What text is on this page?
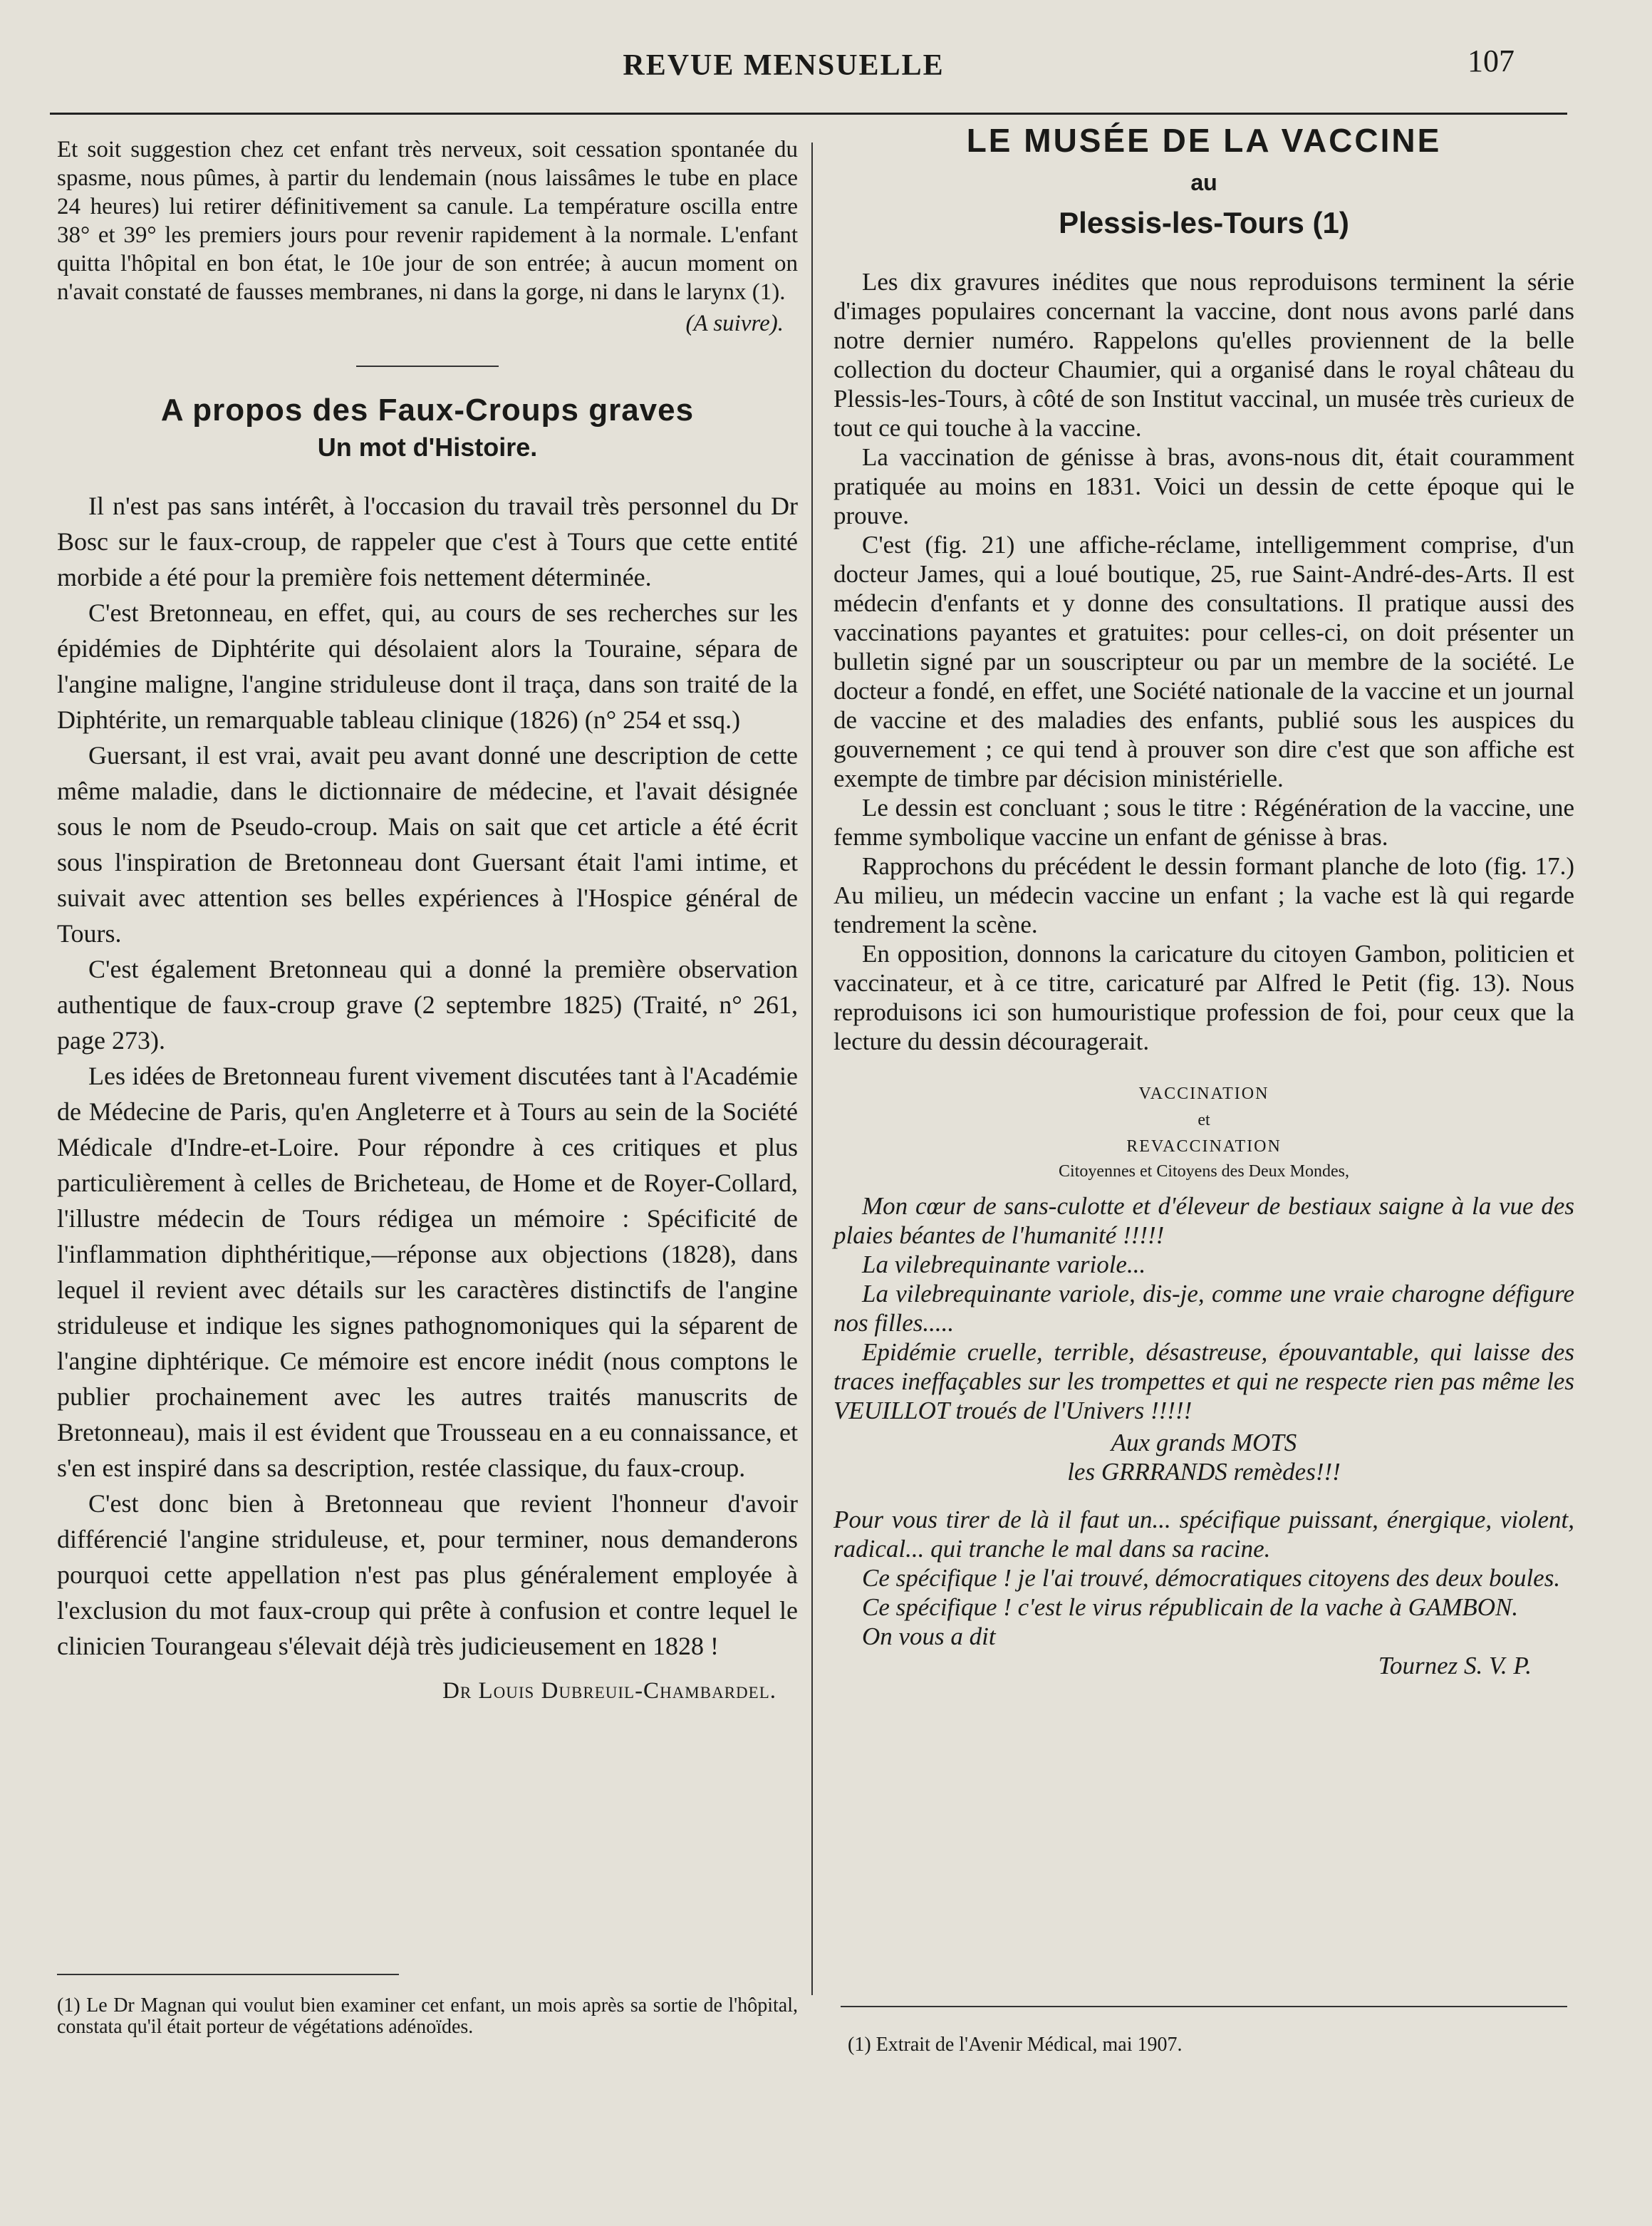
REVUE MENSUELLE	107

Et soit suggestion chez cet enfant très nerveux, soit cessation spontanée du spasme, nous pûmes, à partir du lendemain (nous laissâmes le tube en place 24 heures) lui retirer définitivement sa canule. La température oscilla entre 38° et 39° les premiers jours pour revenir rapidement à la normale. L'enfant quitta l'hôpital en bon état, le 10e jour de son entrée; à aucun moment on n'avait constaté de fausses membranes, ni dans la gorge, ni dans le larynx (1).

(A suivre).
A propos des Faux-Croups graves
Un mot d'Histoire.

Il n'est pas sans intérêt, à l'occasion du travail très personnel du Dr Bosc sur le faux-croup, de rappeler que c'est à Tours que cette entité morbide a été pour la première fois nettement déterminée.

C'est Bretonneau, en effet, qui, au cours de ses recherches sur les épidémies de Diphtérite qui désolaient alors la Touraine, sépara de l'angine maligne, l'angine striduleuse dont il traça, dans son traité de la Diphtérite, un remarquable tableau clinique (1826) (n° 254 et ssq.)

Guersant, il est vrai, avait peu avant donné une description de cette même maladie, dans le dictionnaire de médecine, et l'avait désignée sous le nom de Pseudo-croup. Mais on sait que cet article a été écrit sous l'inspiration de Bretonneau dont Guersant était l'ami intime, et suivait avec attention ses belles expériences à l'Hospice général de Tours.

C'est également Bretonneau qui a donné la première observation authentique de faux-croup grave (2 septembre 1825) (Traité, n° 261, page 273).

Les idées de Bretonneau furent vivement discutées tant à l'Académie de Médecine de Paris, qu'en Angleterre et à Tours au sein de la Société Médicale d'Indre-et-Loire. Pour répondre à ces critiques et plus particulièrement à celles de Bricheteau, de Home et de Royer-Collard, l'illustre médecin de Tours rédigea un mémoire : Spécificité de l'inflammation diphthéritique,—réponse aux objections (1828), dans lequel il revient avec détails sur les caractères distinctifs de l'angine striduleuse et indique les signes pathognomoniques qui la séparent de l'angine diphtérique. Ce mémoire est encore inédit (nous comptons le publier prochainement avec les autres traités manuscrits de Bretonneau), mais il est évident que Trousseau en a eu connaissance, et s'en est inspiré dans sa description, restée classique, du faux-croup.

C'est donc bien à Bretonneau que revient l'honneur d'avoir différencié l'angine striduleuse, et, pour terminer, nous demanderons pourquoi cette appellation n'est pas plus généralement employée à l'exclusion du mot faux-croup qui prête à confusion et contre lequel le clinicien Tourangeau s'élevait déjà très judicieusement en 1828 !

Dr Louis Dubreuil-Chambardel.
(1) Le Dr Magnan qui voulut bien examiner cet enfant, un mois après sa sortie de l'hôpital, constata qu'il était porteur de végétations adénoïdes.
LE MUSÉE DE LA VACCINE
au
Plessis-les-Tours (1)

Les dix gravures inédites que nous reproduisons terminent la série d'images populaires concernant la vaccine, dont nous avons parlé dans notre dernier numéro. Rappelons qu'elles proviennent de la belle collection du docteur Chaumier, qui a organisé dans le royal château du Plessis-les-Tours, à côté de son Institut vaccinal, un musée très curieux de tout ce qui touche à la vaccine.

La vaccination de génisse à bras, avons-nous dit, était couramment pratiquée au moins en 1831. Voici un dessin de cette époque qui le prouve.

C'est (fig. 21) une affiche-réclame, intelligemment comprise, d'un docteur James, qui a loué boutique, 25, rue Saint-André-des-Arts. Il est médecin d'enfants et y donne des consultations. Il pratique aussi des vaccinations payantes et gratuites: pour celles-ci, on doit présenter un bulletin signé par un souscripteur ou par un membre de la société. Le docteur a fondé, en effet, une Société nationale de la vaccine et un journal de vaccine et des maladies des enfants, publié sous les auspices du gouvernement ; ce qui tend à prouver son dire c'est que son affiche est exempte de timbre par décision ministérielle.

Le dessin est concluant ; sous le titre : Régénération de la vaccine, une femme symbolique vaccine un enfant de génisse à bras.

Rapprochons du précédent le dessin formant planche de loto (fig. 17.) Au milieu, un médecin vaccine un enfant ; la vache est là qui regarde tendrement la scène.

En opposition, donnons la caricature du citoyen Gambon, politicien et vaccinateur, et à ce titre, caricaturé par Alfred le Petit (fig. 13). Nous reproduisons ici son humouristique profession de foi, pour ceux que la lecture du dessin découragerait.

VACCINATION
et
REVACCINATION
Citoyennes et Citoyens des Deux Mondes,

Mon cœur de sans-culotte et d'éleveur de bestiaux saigne à la vue des plaies béantes de l'humanité !!!!!

La vilebrequinante variole...

La vilebrequinante variole, dis-je, comme une vraie charogne défigure nos filles.....

Epidémie cruelle, terrible, désastreuse, épouvantable, qui laisse des traces ineffaçables sur les trompettes et qui ne respecte rien pas même les VEUILLOT troués de l'Univers !!!!!

Aux grands MOTS
les GRRRANDS remèdes!!!

Pour vous tirer de là il faut un... spécifique puissant, énergique, violent, radical... qui tranche le mal dans sa racine.

Ce spécifique ! je l'ai trouvé, démocratiques citoyens des deux boules.

Ce spécifique ! c'est le virus républicain de la vache à GAMBON.

On vous a dit

Tournez S. V. P.
(1) Extrait de l'Avenir Médical, mai 1907.
